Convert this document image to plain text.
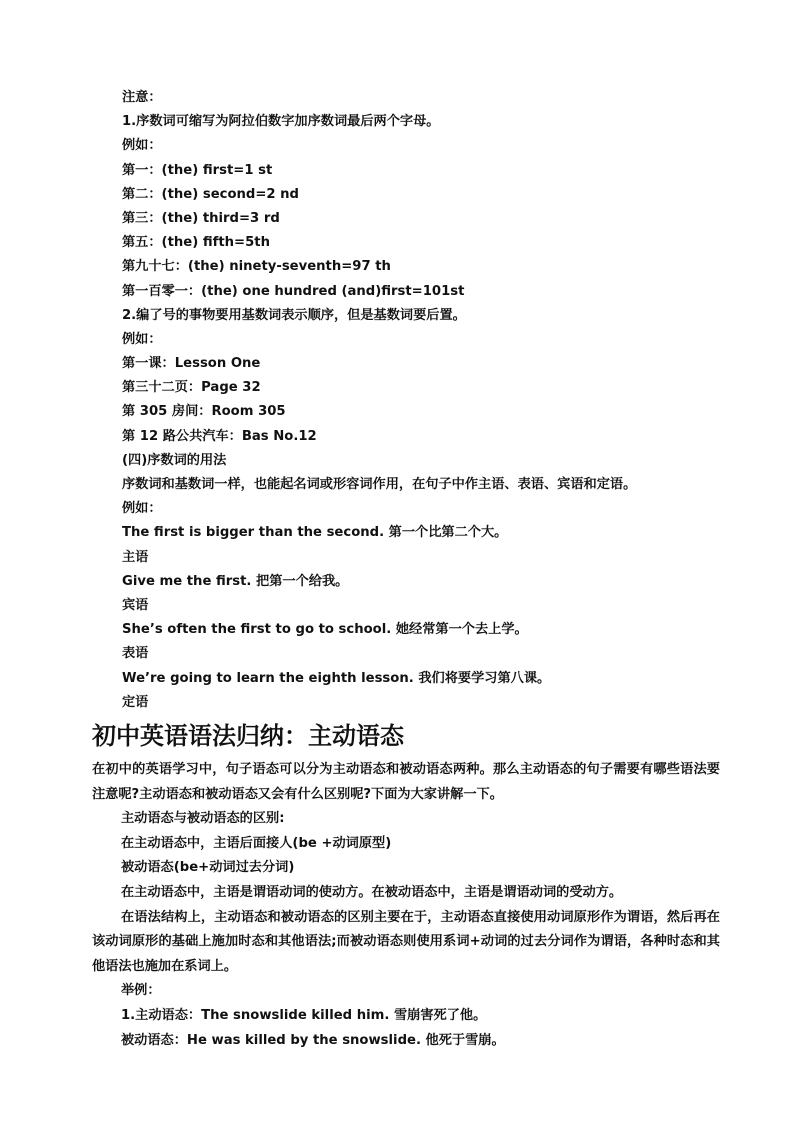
注意：
1.序数词可缩写为阿拉伯数字加序数词最后两个字母。
例如：
第一：(the) first=1 st
第二：(the) second=2 nd
第三：(the) third=3 rd
第五：(the) fifth=5th
第九十七：(the) ninety-seventh=97 th
第一百零一：(the) one hundred (and)first=101st
2.编了号的事物要用基数词表示顺序，但是基数词要后置。
例如：
第一课：Lesson One
第三十二页：Page 32
第 305 房间：Room 305
第 12 路公共汽车：Bas No.12
(四)序数词的用法
序数词和基数词一样，也能起名词或形容词作用，在句子中作主语、表语、宾语和定语。
例如：
The first is bigger than the second. 第一个比第二个大。
主语
Give me the first. 把第一个给我。
宾语
She’s often the first to go to school. 她经常第一个去上学。
表语
We’re going to learn the eighth lesson. 我们将要学习第八课。
定语
初中英语语法归纳：主动语态
在初中的英语学习中，句子语态可以分为主动语态和被动语态两种。那么主动语态的句子需要有哪些语法要注意呢?主动语态和被动语态又会有什么区别呢?下面为大家讲解一下。
主动语态与被动语态的区别:
在主动语态中，主语后面接人(be +动词原型)
被动语态(be+动词过去分词)
在主动语态中，主语是谓语动词的使动方。在被动语态中，主语是谓语动词的受动方。
在语法结构上，主动语态和被动语态的区别主要在于，主动语态直接使用动词原形作为谓语，然后再在该动词原形的基础上施加时态和其他语法;而被动语态则使用系词+动词的过去分词作为谓语，各种时态和其他语法也施加在系词上。
举例：
1.主动语态：The snowslide killed him. 雪崩害死了他。
被动语态：He was killed by the snowslide. 他死于雪崩。
